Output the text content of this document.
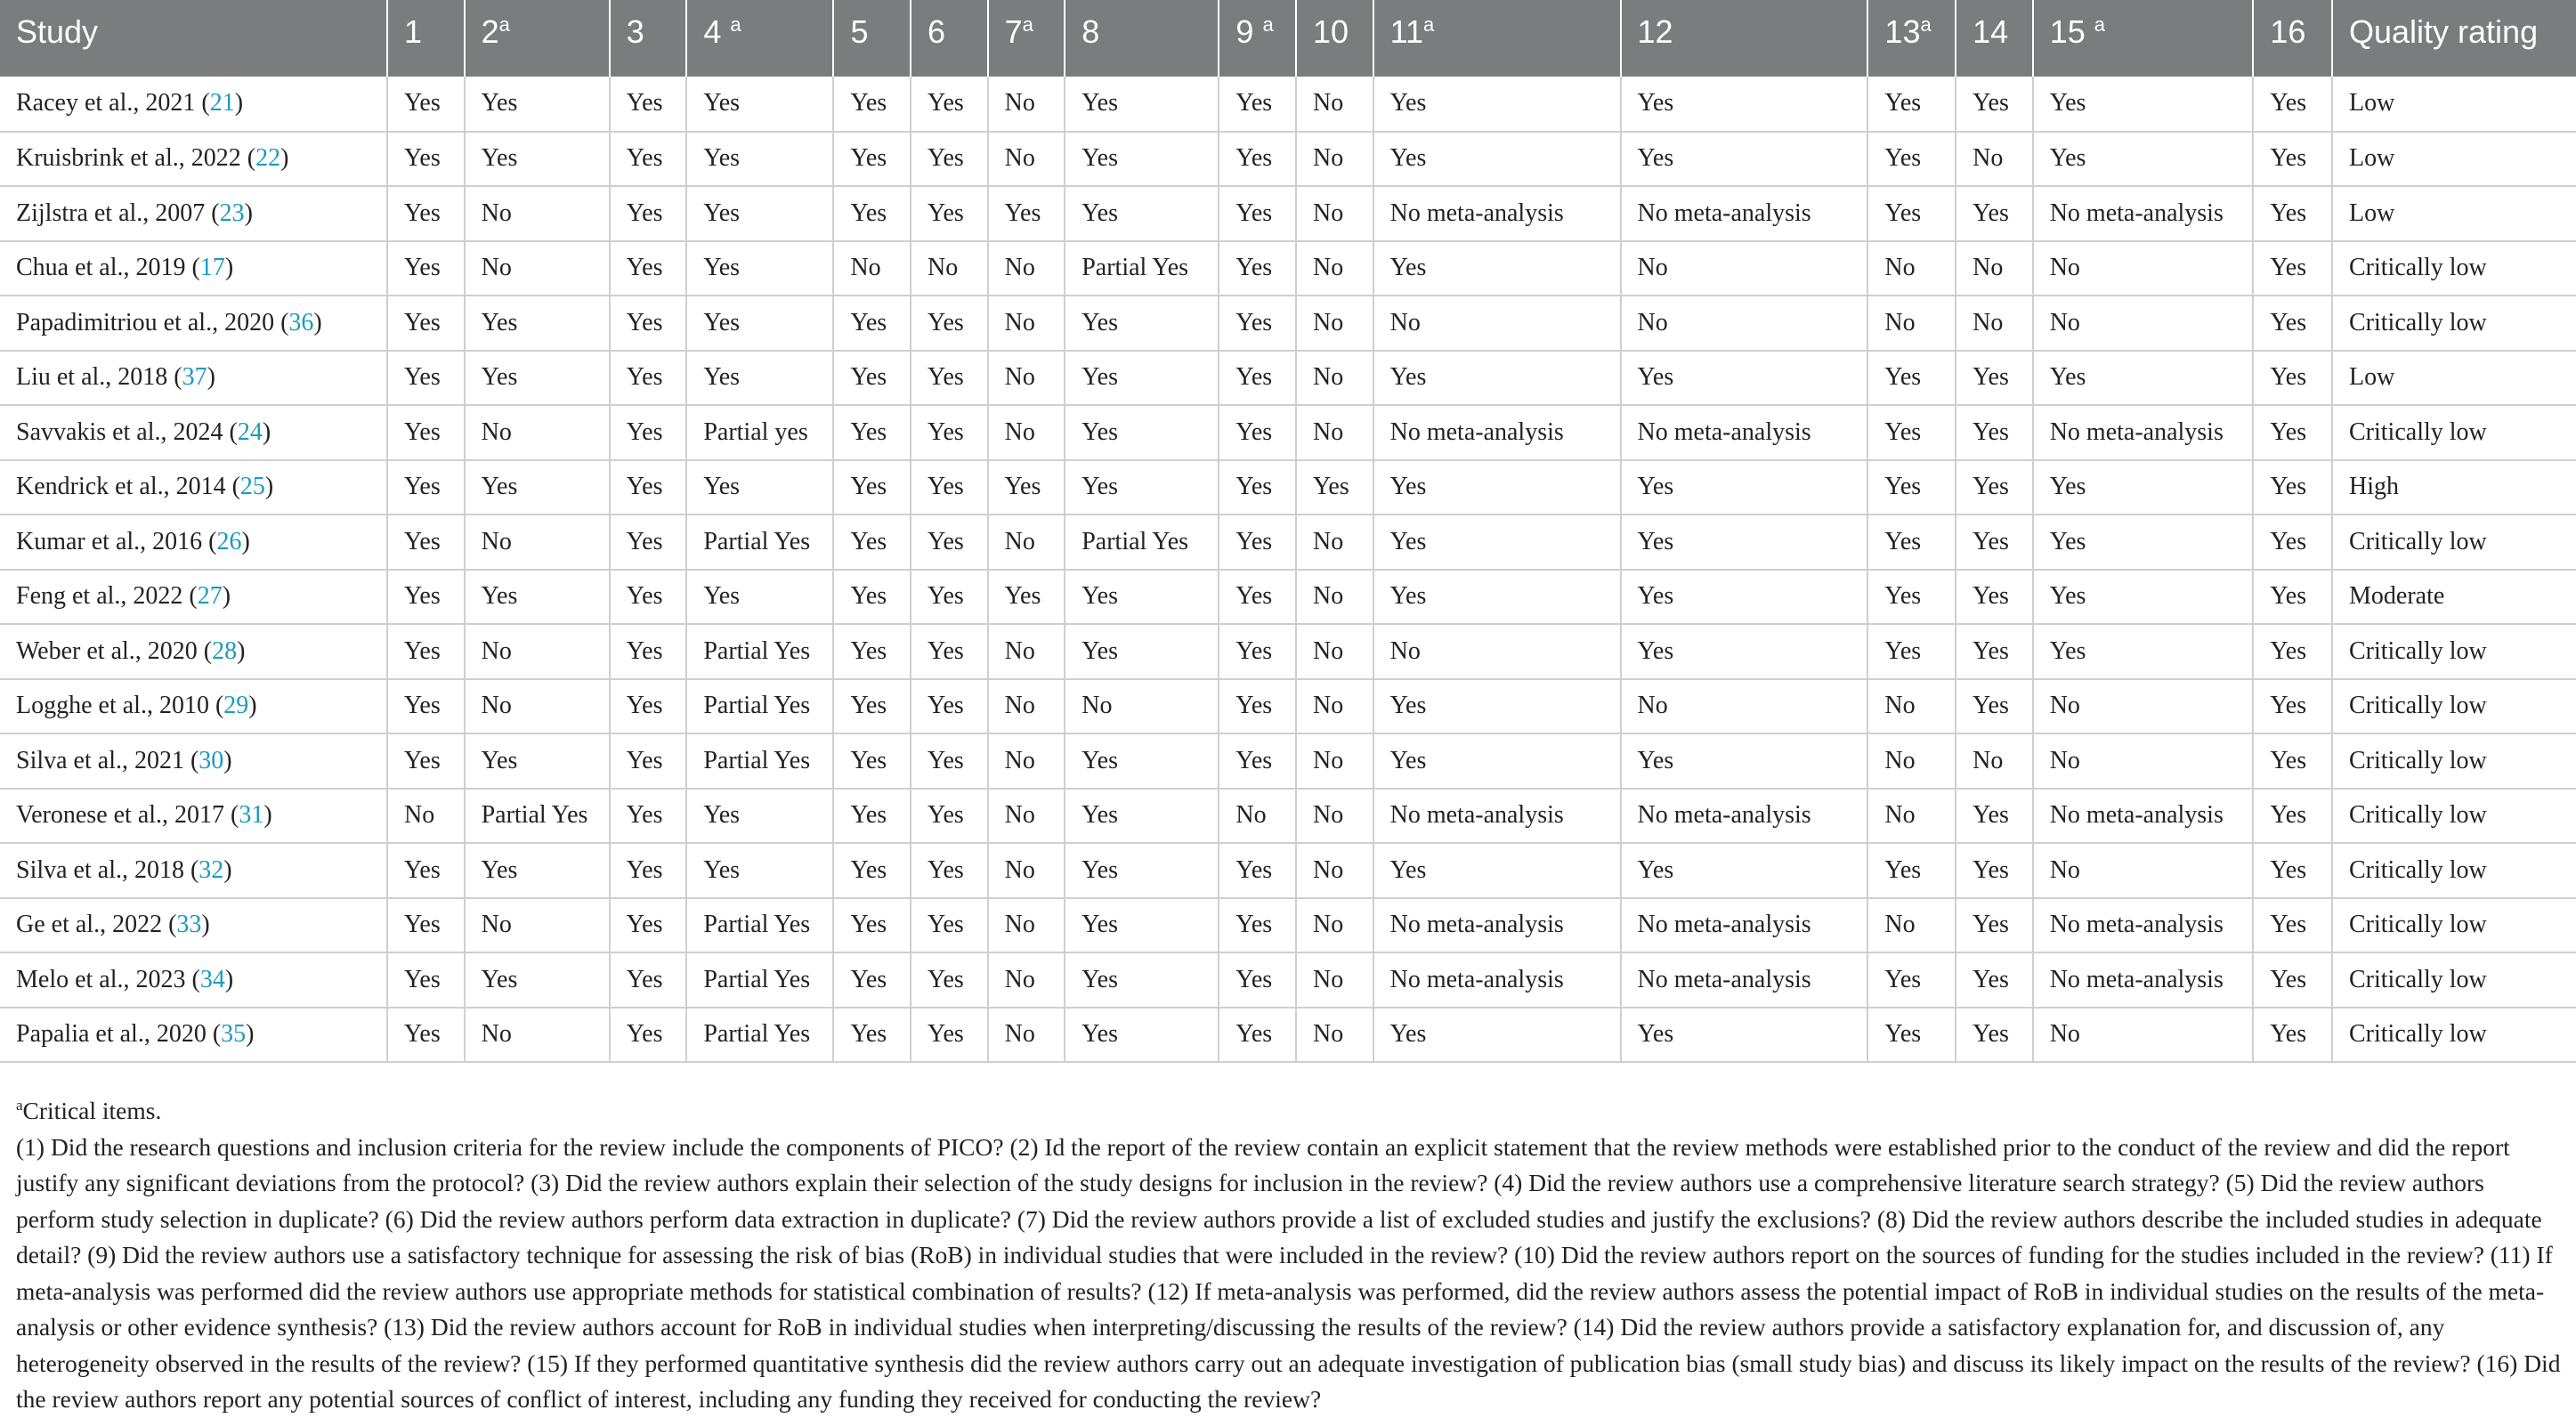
Study	1	2$^a$	3	4 $^a$	5	6	7$^a$	8	9 $^a$	10	11$^a$	12	13$^a$	14	15 $^a$	16	Quality rating
Racey et al., 2021 (21)	Yes	Yes	Yes	Yes	Yes	Yes	No	Yes	Yes	No	Yes	Yes	Yes	Yes	Yes	Yes	Low
Kruisbrink et al., 2022 (22)	Yes	Yes	Yes	Yes	Yes	Yes	No	Yes	Yes	No	Yes	Yes	Yes	No	Yes	Yes	Low
Zijlstra et al., 2007 (23)	Yes	No	Yes	Yes	Yes	Yes	Yes	Yes	Yes	No	No meta-analysis	No meta-analysis	Yes	Yes	No meta-analysis	Yes	Low
Chua et al., 2019 (17)	Yes	No	Yes	Yes	No	No	No	Partial Yes	Yes	No	Yes	No	No	No	No	Yes	Critically low
Papadimitriou et al., 2020 (36)	Yes	Yes	Yes	Yes	Yes	Yes	No	Yes	Yes	No	No	No	No	No	No	Yes	Critically low
Liu et al., 2018 (37)	Yes	Yes	Yes	Yes	Yes	Yes	No	Yes	Yes	No	Yes	Yes	Yes	Yes	Yes	Yes	Low
Savvakis et al., 2024 (24)	Yes	No	Yes	Partial yes	Yes	Yes	No	Yes	Yes	No	No meta-analysis	No meta-analysis	Yes	Yes	No meta-analysis	Yes	Critically low
Kendrick et al., 2014 (25)	Yes	Yes	Yes	Yes	Yes	Yes	Yes	Yes	Yes	Yes	Yes	Yes	Yes	Yes	Yes	Yes	High
Kumar et al., 2016 (26)	Yes	No	Yes	Partial Yes	Yes	Yes	No	Partial Yes	Yes	No	Yes	Yes	Yes	Yes	Yes	Yes	Critically low
Feng et al., 2022 (27)	Yes	Yes	Yes	Yes	Yes	Yes	Yes	Yes	Yes	No	Yes	Yes	Yes	Yes	Yes	Yes	Moderate
Weber et al., 2020 (28)	Yes	No	Yes	Partial Yes	Yes	Yes	No	Yes	Yes	No	No	Yes	Yes	Yes	Yes	Yes	Critically low
Logghe et al., 2010 (29)	Yes	No	Yes	Partial Yes	Yes	Yes	No	No	Yes	No	Yes	No	No	Yes	No	Yes	Critically low
Silva et al., 2021 (30)	Yes	Yes	Yes	Partial Yes	Yes	Yes	No	Yes	Yes	No	Yes	Yes	No	No	No	Yes	Critically low
Veronese et al., 2017 (31)	No	Partial Yes	Yes	Yes	Yes	Yes	No	Yes	No	No	No meta-analysis	No meta-analysis	No	Yes	No meta-analysis	Yes	Critically low
Silva et al., 2018 (32)	Yes	Yes	Yes	Yes	Yes	Yes	No	Yes	Yes	No	Yes	Yes	Yes	Yes	No	Yes	Critically low
Ge et al., 2022 (33)	Yes	No	Yes	Partial Yes	Yes	Yes	No	Yes	Yes	No	No meta-analysis	No meta-analysis	No	Yes	No meta-analysis	Yes	Critically low
Melo et al., 2023 (34)	Yes	Yes	Yes	Partial Yes	Yes	Yes	No	Yes	Yes	No	No meta-analysis	No meta-analysis	Yes	Yes	No meta-analysis	Yes	Critically low
Papalia et al., 2020 (35)	Yes	No	Yes	Partial Yes	Yes	Yes	No	Yes	Yes	No	Yes	Yes	Yes	Yes	No	Yes	Critically low

$^a$Critical items.

(1) Did the research questions and inclusion criteria for the review include the components of PICO? (2) Id the report of the review contain an explicit statement that the review methods were established prior to the conduct of the review and did the report justify any significant deviations from the protocol? (3) Did the review authors explain their selection of the study designs for inclusion in the review? (4) Did the review authors use a comprehensive literature search strategy? (5) Did the review authors perform study selection in duplicate? (6) Did the review authors perform data extraction in duplicate? (7) Did the review authors provide a list of excluded studies and justify the exclusions? (8) Did the review authors describe the included studies in adequate detail? (9) Did the review authors use a satisfactory technique for assessing the risk of bias (RoB) in individual studies that were included in the review? (10) Did the review authors report on the sources of funding for the studies included in the review? (11) If meta-analysis was performed did the review authors use appropriate methods for statistical combination of results? (12) If meta-analysis was performed, did the review authors assess the potential impact of RoB in individual studies on the results of the meta-analysis or other evidence synthesis? (13) Did the review authors account for RoB in individual studies when interpreting/discussing the results of the review? (14) Did the review authors provide a satisfactory explanation for, and discussion of, any heterogeneity observed in the results of the review? (15) If they performed quantitative synthesis did the review authors carry out an adequate investigation of publication bias (small study bias) and discuss its likely impact on the results of the review? (16) Did the review authors report any potential sources of conflict of interest, including any funding they received for conducting the review?
